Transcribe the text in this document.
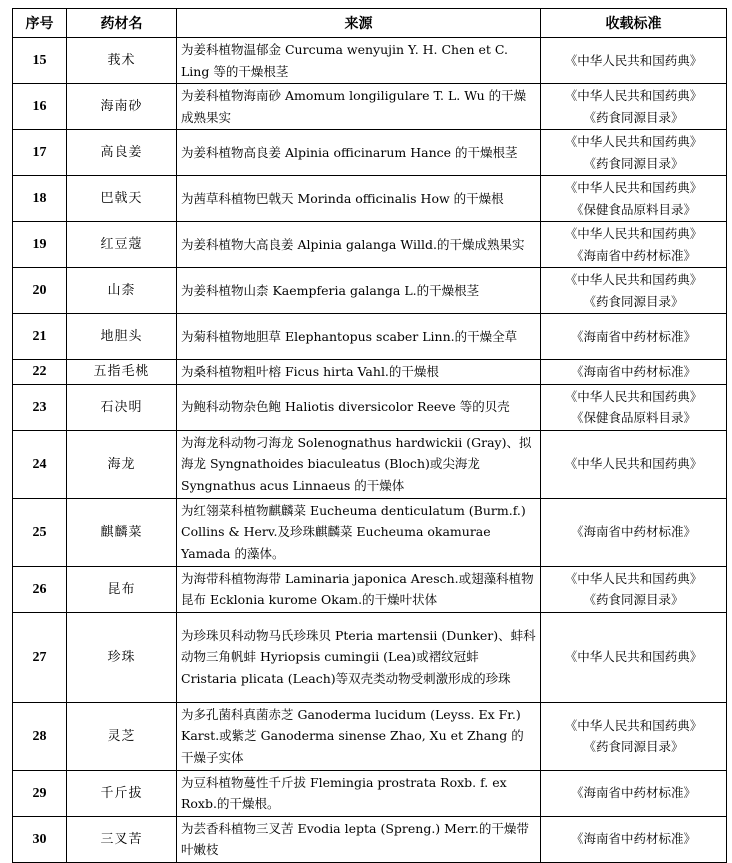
序号	药材名	来源	收载标准
15	莪术	为姜科植物温郁金 Curcuma wenyujin Y. H. Chen et C. Ling 等的干燥根茎	《中华人民共和国药典》

16	海南砂	为姜科植物海南砂 Amomum longiligulare T. L. Wu 的干燥成熟果实	《中华人民共和国药典》
《药食同源目录》

17	高良姜	为姜科植物高良姜 Alpinia officinarum Hance 的干燥根茎	《中华人民共和国药典》
《药食同源目录》

18	巴戟天	为茜草科植物巴戟天 Morinda officinalis How 的干燥根	《中华人民共和国药典》
《保健食品原料目录》

19	红豆蔻	为姜科植物大高良姜 Alpinia galanga Willd.的干燥成熟果实	《中华人民共和国药典》
《海南省中药材标准》

20	山柰	为姜科植物山柰 Kaempferia galanga L.的干燥根茎	《中华人民共和国药典》
《药食同源目录》

21	地胆头	为菊科植物地胆草 Elephantopus scaber Linn.的干燥全草	《海南省中药材标准》

22	五指毛桃	为桑科植物粗叶榕 Ficus hirta Vahl.的干燥根	《海南省中药材标准》

23	石决明	为鲍科动物杂色鲍 Haliotis diversicolor Reeve 等的贝壳	《中华人民共和国药典》
《保健食品原料目录》

24	海龙	为海龙科动物刁海龙 Solenognathus hardwickii (Gray)、拟海龙 Syngnathoides biaculeatus (Bloch)或尖海龙 Syngnathus acus Linnaeus 的干燥体	《中华人民共和国药典》

25	麒麟菜	为红翎菜科植物麒麟菜 Eucheuma denticulatum (Burm.f.) Collins & Herv.及珍珠麒麟菜 Eucheuma okamurae Yamada 的藻体。	《海南省中药材标准》

26	昆布	为海带科植物海带 Laminaria japonica Aresch.或翅藻科植物昆布 Ecklonia kurome Okam.的干燥叶状体	《中华人民共和国药典》
《药食同源目录》

27	珍珠	为珍珠贝科动物马氏珍珠贝 Pteria martensii (Dunker)、蚌科动物三角帆蚌 Hyriopsis cumingii (Lea)或褶纹冠蚌 Cristaria plicata (Leach)等双壳类动物受刺激形成的珍珠	《中华人民共和国药典》

28	灵芝	为多孔菌科真菌赤芝 Ganoderma lucidum (Leyss. Ex Fr.) Karst.或紫芝 Ganoderma sinense Zhao, Xu et Zhang 的干燥子实体	《中华人民共和国药典》
《药食同源目录》

29	千斤拔	为豆科植物蔓性千斤拔 Flemingia prostrata Roxb. f. ex Roxb.的干燥根。	《海南省中药材标准》

30	三叉苦	为芸香科植物三叉苦 Evodia lepta (Spreng.) Merr.的干燥带叶嫩枝	《海南省中药材标准》
